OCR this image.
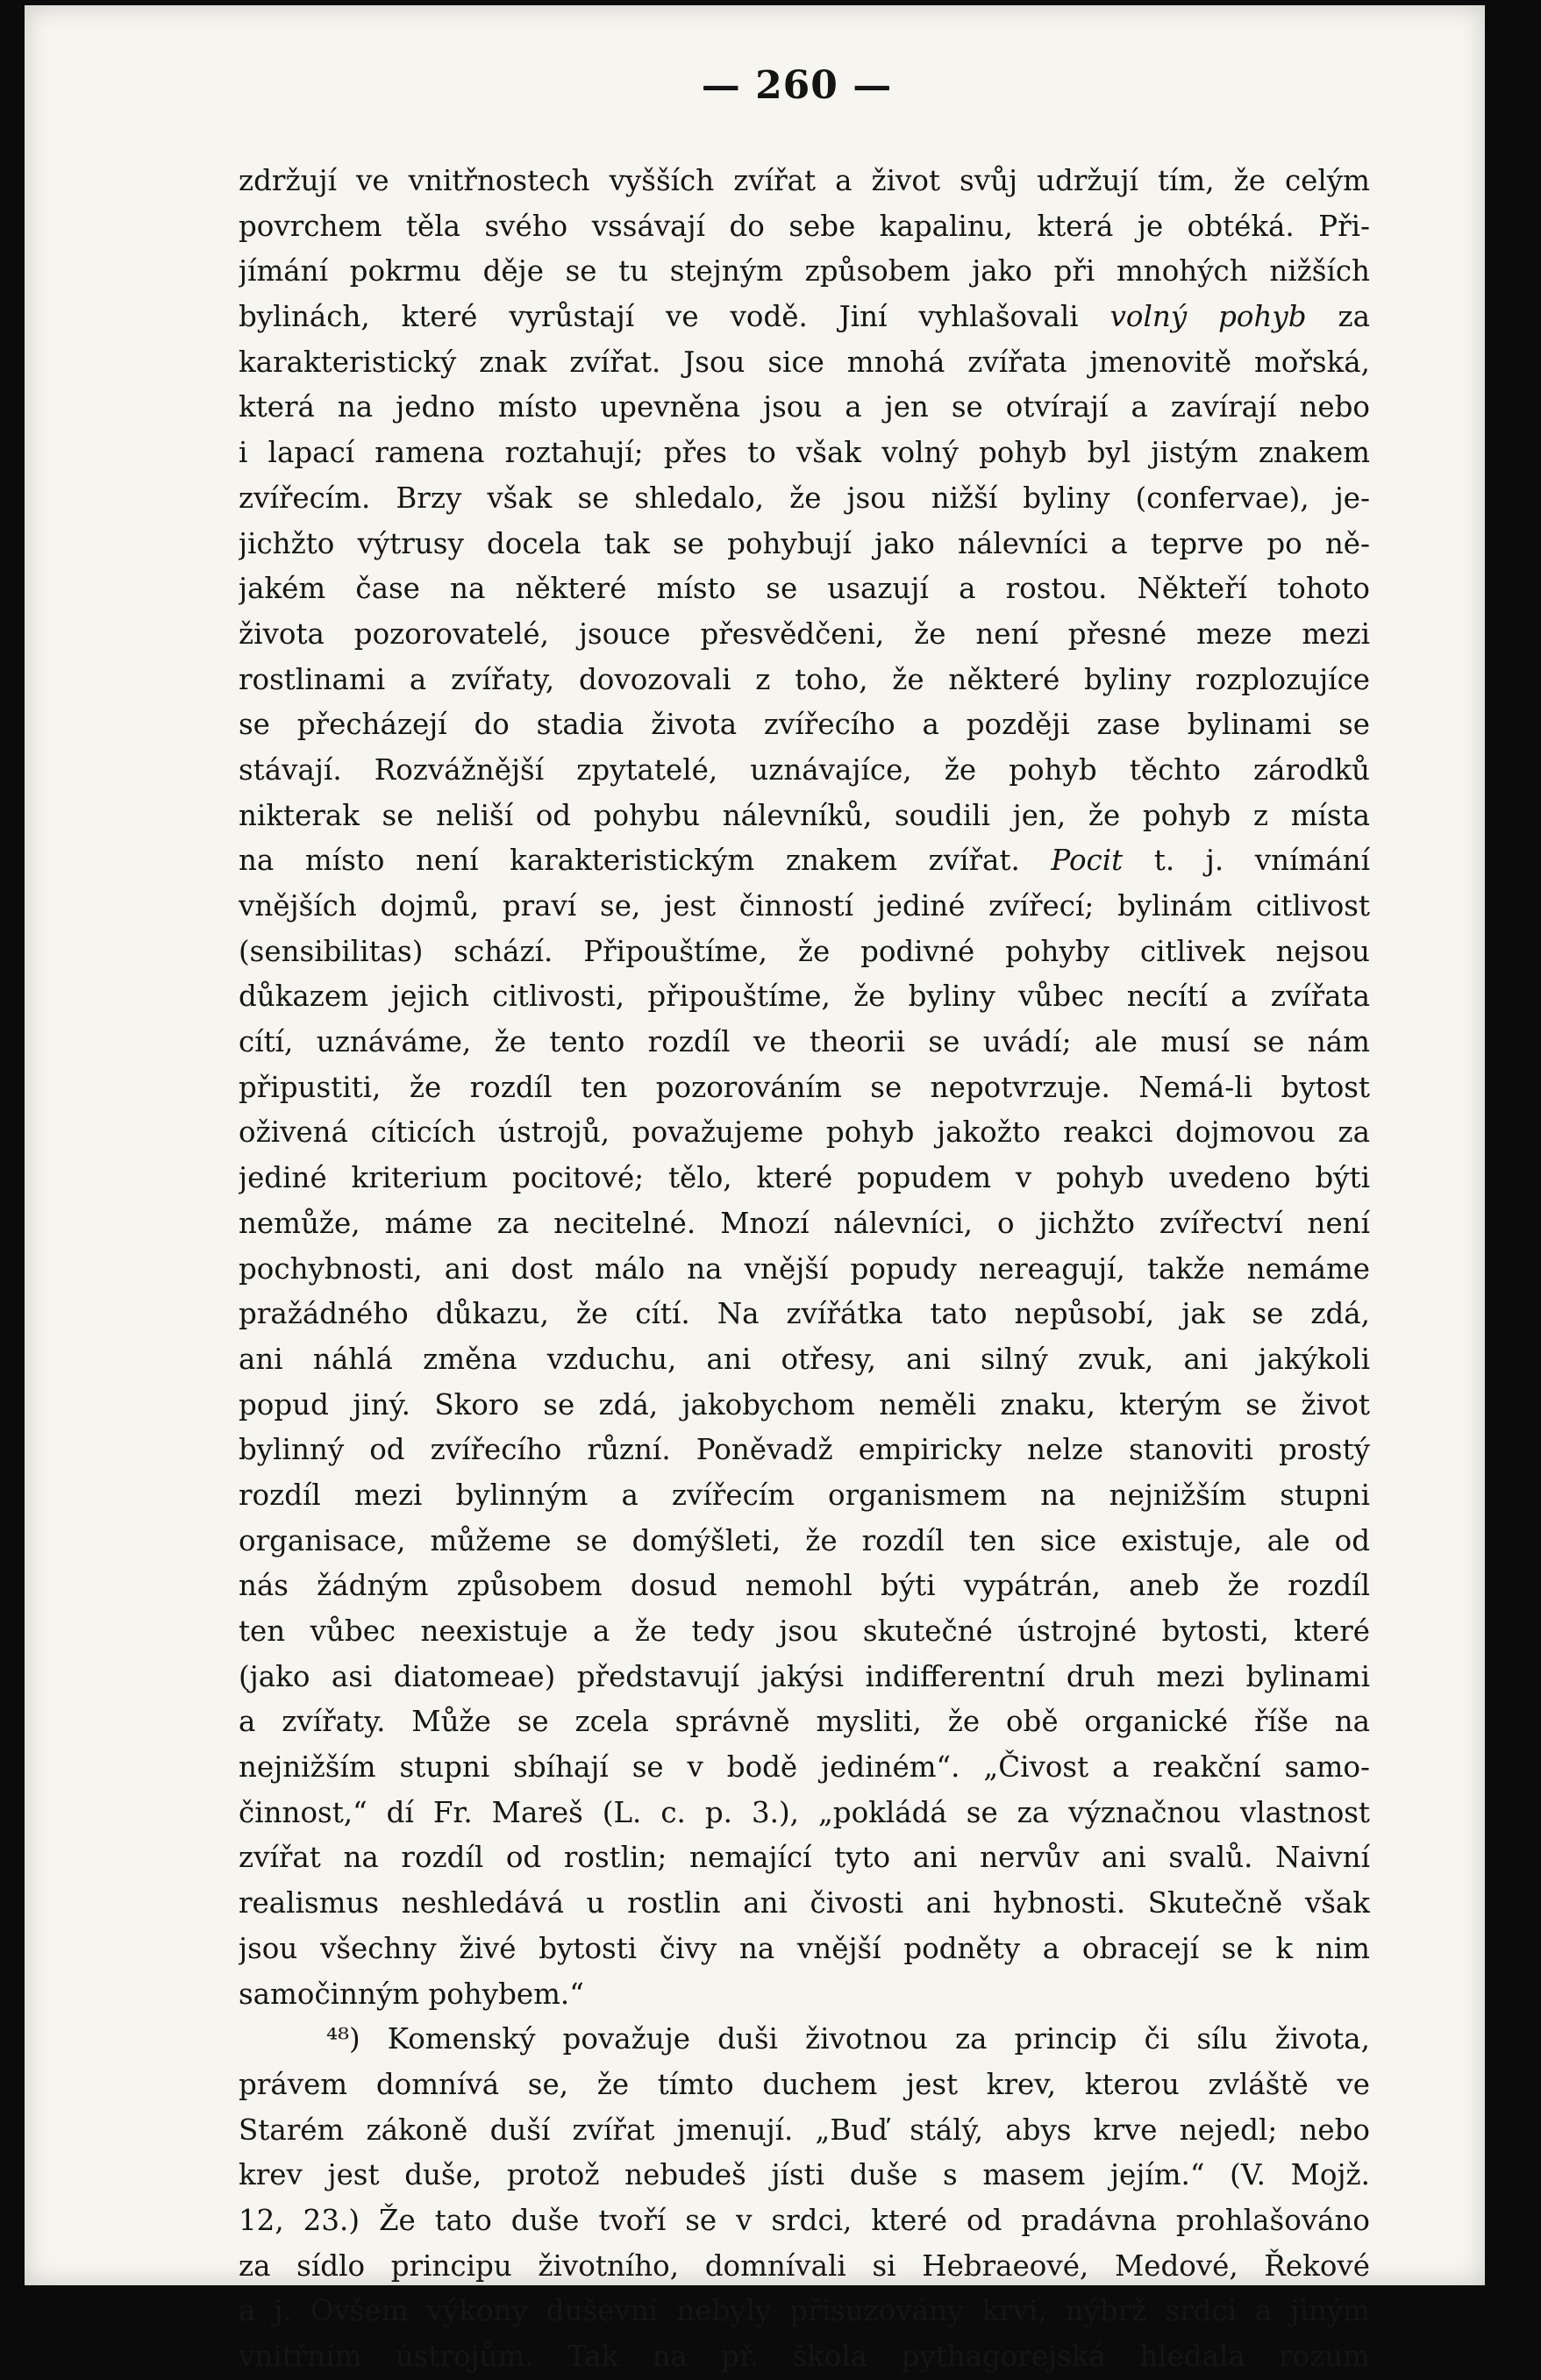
— 260 —
zdržují ve vnitřnostech vyšších zvířat a život svůj udržují tím, že celým
povrchem těla svého vssávají do sebe kapalinu, která je obtéká. Při-
jímání pokrmu děje se tu stejným způsobem jako při mnohých nižších
bylinách, které vyrůstají ve vodě. Jiní vyhlašovali volný pohyb za
karakteristický znak zvířat. Jsou sice mnohá zvířata jmenovitě mořská,
která na jedno místo upevněna jsou a jen se otvírají a zavírají nebo
i lapací ramena roztahují; přes to však volný pohyb byl jistým znakem
zvířecím. Brzy však se shledalo, že jsou nižší byliny (confervae), je-
jichžto výtrusy docela tak se pohybují jako nálevníci a teprve po ně-
jakém čase na některé místo se usazují a rostou. Někteří tohoto
života pozorovatelé, jsouce přesvědčeni, že není přesné meze mezi
rostlinami a zvířaty, dovozovali z toho, že některé byliny rozplozujíce
se přecházejí do stadia života zvířecího a později zase bylinami se
stávají. Rozvážnější zpytatelé, uznávajíce, že pohyb těchto zárodků
nikterak se neliší od pohybu nálevníků, soudili jen, že pohyb z místa
na místo není karakteristickým znakem zvířat. Pocit t. j. vnímání
vnějších dojmů, praví se, jest činností jediné zvířecí; bylinám citlivost
(sensibilitas) schází. Připouštíme, že podivné pohyby citlivek nejsou
důkazem jejich citlivosti, připouštíme, že byliny vůbec necítí a zvířata
cítí, uznáváme, že tento rozdíl ve theorii se uvádí; ale musí se nám
připustiti, že rozdíl ten pozorováním se nepotvrzuje. Nemá-li bytost
oživená cíticích ústrojů, považujeme pohyb jakožto reakci dojmovou za
jediné kriterium pocitové; tělo, které popudem v pohyb uvedeno býti
nemůže, máme za necitelné. Mnozí nálevníci, o jichžto zvířectví není
pochybnosti, ani dost málo na vnější popudy nereagují, takže nemáme
pražádného důkazu, že cítí. Na zvířátka tato nepůsobí, jak se zdá,
ani náhlá změna vzduchu, ani otřesy, ani silný zvuk, ani jakýkoli
popud jiný. Skoro se zdá, jakobychom neměli znaku, kterým se život
bylinný od zvířecího různí. Poněvadž empiricky nelze stanoviti prostý
rozdíl mezi bylinným a zvířecím organismem na nejnižším stupni
organisace, můžeme se domýšleti, že rozdíl ten sice existuje, ale od
nás žádným způsobem dosud nemohl býti vypátrán, aneb že rozdíl
ten vůbec neexistuje a že tedy jsou skutečné ústrojné bytosti, které
(jako asi diatomeae) představují jakýsi indifferentní druh mezi bylinami
a zvířaty. Může se zcela správně mysliti, že obě organické říše na
nejnižším stupni sbíhají se v bodě jediném“. „Čivost a reakční samo-
činnost,“ dí Fr. Mareš (L. c. p. 3.), „pokládá se za význačnou vlastnost
zvířat na rozdíl od rostlin; nemající tyto ani nervův ani svalů. Naivní
realismus neshledává u rostlin ani čivosti ani hybnosti. Skutečně však
jsou všechny živé bytosti čivy na vnější podněty a obracejí se k nim
samočinným pohybem.“
⁴⁸) Komenský považuje duši životnou za princip či sílu života,
právem domnívá se, že tímto duchem jest krev, kterou zvláště ve
Starém zákoně duší zvířat jmenují. „Buď stálý, abys krve nejedl; nebo
krev jest duše, protož nebudeš jísti duše s masem jejím.“ (V. Mojž.
12, 23.) Že tato duše tvoří se v srdci, které od pradávna prohlašováno
za sídlo principu životního, domnívali si Hebraeové, Medové, Řekové
a j. Ovšem výkony duševní nebyly přisuzovány krvi, nýbrž srdci a jiným
vnitřním ústrojům. Tak na př. škola pythagorejská hledala rozum
